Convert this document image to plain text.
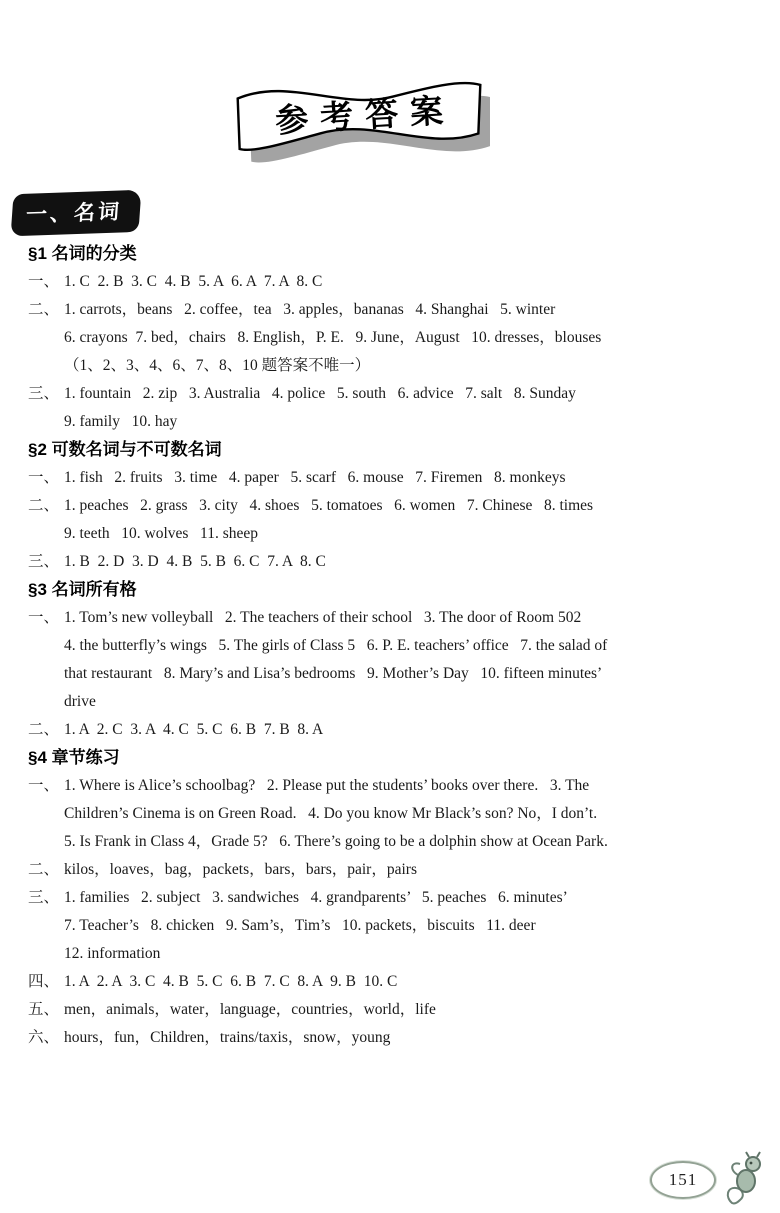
参考答案
一、名词
§1 名词的分类
一、 1. C  2. B  3. C  4. B  5. A  6. A  7. A  8. C
二、 1. carrots，beans   2. coffee，tea   3. apples，bananas   4. Shanghai   5. winter
6. crayons  7. bed，chairs   8. English，P. E.   9. June，August   10. dresses，blouses
（1、2、3、4、6、7、8、10 题答案不唯一）
三、 1. fountain   2. zip   3. Australia   4. police   5. south   6. advice   7. salt   8. Sunday
9. family   10. hay
§2 可数名词与不可数名词
一、 1. fish   2. fruits   3. time   4. paper   5. scarf   6. mouse   7. Firemen   8. monkeys
二、 1. peaches   2. grass   3. city   4. shoes   5. tomatoes   6. women   7. Chinese   8. times
9. teeth   10. wolves   11. sheep
三、 1. B  2. D  3. D  4. B  5. B  6. C  7. A  8. C
§3 名词所有格
一、 1. Tom’s new volleyball   2. The teachers of their school   3. The door of Room 502
4. the butterfly’s wings   5. The girls of Class 5   6. P. E. teachers’ office   7. the salad of
that restaurant   8. Mary’s and Lisa’s bedrooms   9. Mother’s Day   10. fifteen minutes’
drive
二、 1. A  2. C  3. A  4. C  5. C  6. B  7. B  8. A
§4 章节练习
一、 1. Where is Alice’s schoolbag?   2. Please put the students’ books over there.   3. The
Children’s Cinema is on Green Road.   4. Do you know Mr Black’s son? No，I don’t.
5. Is Frank in Class 4，Grade 5?   6. There’s going to be a dolphin show at Ocean Park.
二、 kilos，loaves，bag，packets，bars，bars，pair，pairs
三、 1. families   2. subject   3. sandwiches   4. grandparents’   5. peaches   6. minutes’
7. Teacher’s   8. chicken   9. Sam’s，Tim’s   10. packets，biscuits   11. deer
12. information
四、 1. A  2. A  3. C  4. B  5. C  6. B  7. C  8. A  9. B  10. C
五、 men，animals，water，language，countries，world，life
六、 hours，fun，Children，trains/taxis，snow，young
151
